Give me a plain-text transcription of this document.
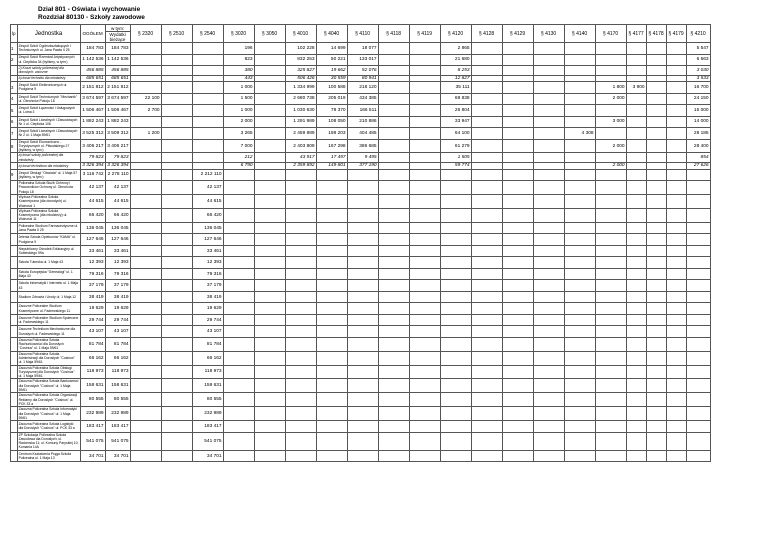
Dział 801 - Oświata i wychowanie
Rozdział 80130 - Szkoły zawodowe
lp	Jednostka	OGÓŁEM	w tym:	§ 2320	§ 2510	§ 2540	§ 3020	§ 3050	§ 4010	§ 4040	§ 4110	§ 4118	§ 4119	§ 4120	§ 4128	§ 4129	§ 4130	§ 4140	§ 4170	§ 4177	§ 4178	§ 4179	§ 4210
			Wydatki bieżące																				
1	Zespół Szkół Ogólnokształcących i Technicznych ul. Jana Pawła II 25	184 783	184 783				196		102 228	14 699	18 077			2 865									5 547
2	Zespół Szkół Rzemiosł Artystycznych ul. Ciepłicka 34 (byliśmy, w tym:)	1 142 536	1 142 536				823		832 253	50 221	133 017			21 680									6 563
	2) Koszt szkoły policealnej dla dorosłych: zaoczne	456 885	456 885				380		325 827	19 662	52 076			8 253									3 030
	b) koszt techniku dla młodzieży	685 651	685 651				443		506 426	30 559	80 941			12 827									3 533
3	Zespół Szkół Elektronicznych ul. Podgórna 9	2 151 812	2 151 812				1 000		1 334 999	100 588	218 120			35 111					1 800	3 900			16 700
4	Zespół Szkół Technicznych "Mechanik" ul. Obrońców Pokoju 18	3 674 597	3 674 597	22 100			1 500		2 680 738	205 019	434 385			68 838					2 000				24 150
5	Zespół Szkół Łączności i Usługowych ul. Lotna 3	1 506 467	1 506 467	2 700			1 000		1 030 630	78 370	166 511			26 804									15 000
6	Zespół Szkół Licealnych i Zawodowych Nr 1 ul. Ciepłicka 106	1 882 243	1 882 243				2 000		1 291 989	108 050	210 886			33 947					3 000				14 000
7	Zespół Szkół Licealnych i Zawodowych Nr 2 ul. 1 Maja 59/61	3 525 312	3 509 312	1 200			3 265		2 459 889	198 203	404 485			64 100				4 308					28 185
8	Zespół Szkół Ekonomiczno - Turystycznych ul. Piłsudskiego 27 (byliśmy, w tym:)	3 406 217	3 406 217				7 000		2 403 809	167 298	386 685			61 279					2 000				28 400
	a) koszt szkoły policealnej dla młodzieży	79 823	79 823				212		43 917	17 497	9 495			1 505									854
	b) koszt technikum dla młodzieży	3 326 394	3 326 394				6 790		2 359 892	149 801	377 190			59 774					2 000				27 626
9	Zespół Obsługi "Oświata" ul. 1 Maja 57 (byliśmy, w tym:)	3 116 742	2 278 110			2 212 110																	
	Policealna Szkoła Służb Ochrony i Pracowników Ochrony ul. Obrońców Pokoju 18	42 137	42 137			42 137																	
	Wyższa Policealna Szkoła Kosmetyczna (dla dorosłych) ul. Wolności 1	44 615	44 615			44 615																	
	Wyższa Policealna Szkoła Kosmetyczna (dla młodzieży) ul. Wolności 11	66 420	66 420			66 420																	
	Policealne Studium Farmaceutyczne ul. Jana Pawła II 25	136 045	136 045			136 045																	
	Jelenia Szkoła Opiekunów "KAMA" ul. Podgórna 9	127 646	127 646			127 646																	
	Niepubliczny Ośrodek Edukacyjny ul. Sobieskiego 59a	33 461	33 461			33 461																	
	Szkoła Tutorska ul. 1 Maja 43	12 393	12 393			12 393																	
	Szkoła Europejska "Genealogi" ul. 1 Maja 43	79 316	79 316			79 316																	
	Szkoła Informatyki i Internetu ul. 1 Maja 43	37 179	37 179			37 179																	
	Studium Zdrowia i Urody ul. 1 Maja 12	38 419	38 419			38 419																	
	Zaoczne Policealne Studium Kosmetyczne ul. Fadrewskiego 11	19 629	19 629			19 629																	
	Zaoczne Policealne Studium Społeczne ul. Fadrewskiego 11	29 744	29 744			29 744																	
	Zaoczne Technikum Mechaniczne dla Dorosłych ul. Fadrewskiego 11	43 107	43 107			43 107																	
	Zaoczna Policealna Szkoła Rachunkowości dla Dorosłych "Cosinus" ul. 1 Maja 59/61	81 784	81 784			81 784																	
	Zaoczna Policealna Szkoła Administracji dla Dorosłych "Cosinus" ul. 1 Maja 59/61	66 162	66 162			66 162																	
	Zaoczna Policealna Szkoła Obsługi Turystycznej dla Dorosłych "Cosinus" ul. 1 Maja 59/61	118 973	118 973			118 973																	
	Zaoczna Policealna Szkoła Bankowości dla Dorosłych "Cosinus" ul. 1 Maja 59/61	158 631	158 631			158 631																	
	Zaoczna Policealna Szkoła Organizacji Reklamy dla Dorosłych "Cosinus" ul. PCK 33 a	80 555	80 555			80 555																	
	Zaoczna Policealna Szkoła Informatyki dla Dorosłych "Cosinus" ul. 1 Maja 59/61	232 989	232 989			232 989																	
	Zaoczna Policealna Szkoła Logistyki dla Dorosłych "Cosinus" ul. PCK 33 a	183 417	183 417			183 417																	
	ZP Szkolacja Policealna Szkoła Zawodowa dla Dorosłych; ul. Radomska 11; ul. Komuny Paryskiej 10; Komania 14A	541 075	541 075			541 075																	
	Centrum Kształcenia Prąga Szkoła Policealna ul. 1 Maja 13	34 701	34 701			34 701																	
